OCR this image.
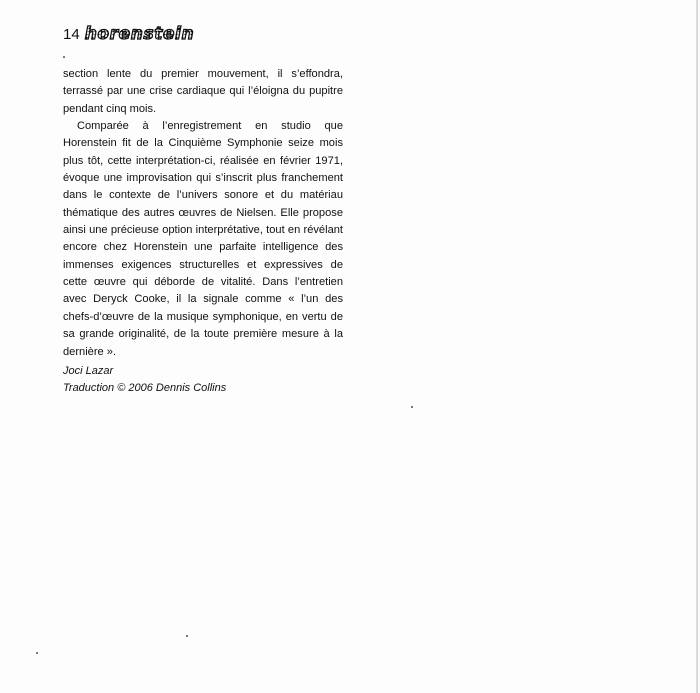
14 horenstein

section lente du premier mouvement, il s’effondra, terrassé par une crise cardiaque qui l’éloigna du pupitre pendant cinq mois.

Comparée à l’enregistrement en studio que Horenstein fit de la Cinquième Symphonie seize mois plus tôt, cette interprétation-ci, réalisée en février 1971, évoque une improvisation qui s’inscrit plus franchement dans le contexte de l’univers sonore et du matériau thématique des autres œuvres de Nielsen. Elle propose ainsi une précieuse option interprétative, tout en révélant encore chez Horenstein une parfaite intelligence des immenses exigences structurelles et expressives de cette œuvre qui déborde de vitalité. Dans l’entretien avec Deryck Cooke, il la signale comme « l’un des chefs-d’œuvre de la musique symphonique, en vertu de sa grande originalité, de la toute première mesure à la dernière ».

Joci Lazar
Traduction © 2006 Dennis Collins
